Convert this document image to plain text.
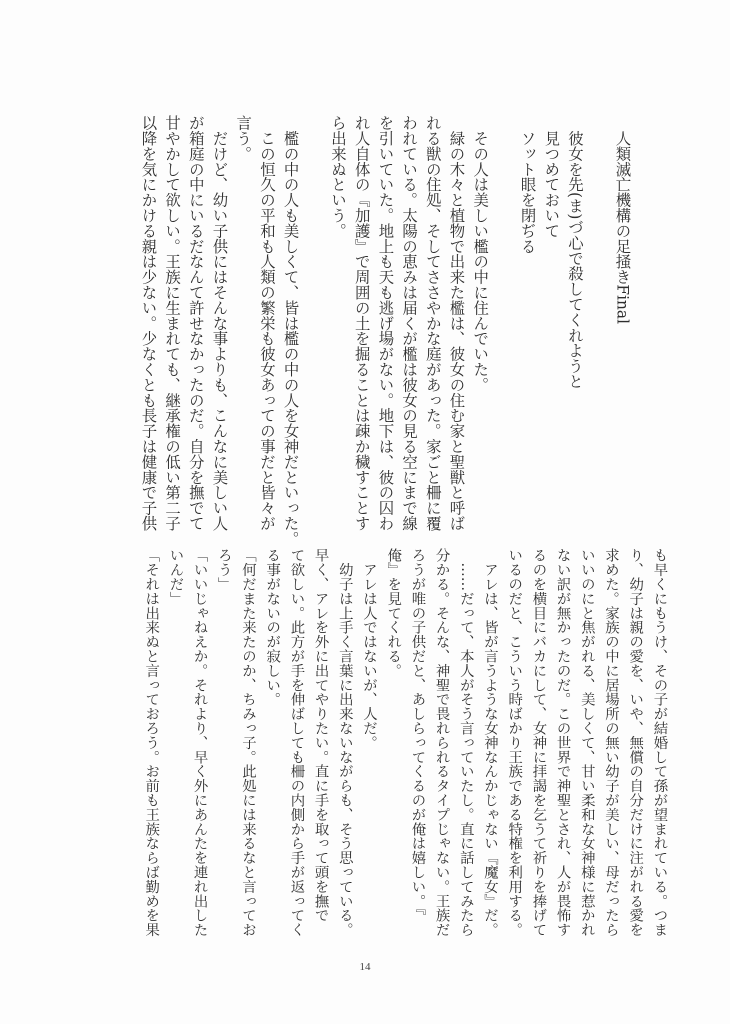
　人類滅亡機構の足掻きFinal
　彼女を先(ま)づ心で殺してくれようと
　見つめておいて
　ソット眼を閉ぢる
　その人は美しい檻の中に住んでいた。
　緑の木々と植物で出来た檻は、彼女の住む家と聖獣と呼ば
れる獣の住処、そしてささやかな庭があった。家ごと柵に覆
われている。太陽の恵みは届くが檻は彼女の見る空にまで線
を引いていた。地上も天も逃げ場がない。地下は、彼の囚わ
れ人自体の『加護』で周囲の土を掘ることは疎か穢すことす
ら出来ぬという。
　檻の中の人も美しくて、皆は檻の中の人を女神だといった。
　この恒久の平和も人類の繁栄も彼女あっての事だと皆々が
言う。
　だけど、幼い子供にはそんな事よりも、こんなに美しい人
が箱庭の中にいるだなんて許せなかったのだ。自分を撫でて
甘やかして欲しい。王族に生まれても、継承権の低い第二子
以降を気にかける親は少ない。少なくとも長子は健康で子供
も早くにもうけ、その子が結婚して孫が望まれている。つま
り、幼子は親の愛を、いや、無償の自分だけに注がれる愛を
求めた。家族の中に居場所の無い幼子が美しい、母だったら
いいのにと焦がれる、美しくて、甘い柔和な女神様に惹かれ
ない訳が無かったのだ。この世界で神聖とされ、人が畏怖す
るのを横目にバカにして、女神に拝謁を乞うて祈りを捧げて
いるのだと、こういう時ばかり王族である特権を利用する。
　アレは、皆が言うような女神なんかじゃない『魔女』だ。
　……だって、本人がそう言っていたし。直に話してみたら
分かる。そんな、神聖で畏れられるタイプじゃない。王族だ
ろうが唯の子供だと、あしらってくるのが俺は嬉しい。『
俺』を見てくれる。
　アレは人ではないが、人だ。
　幼子は上手く言葉に出来ないながらも、そう思っている。
早く、アレを外に出てやりたい。直に手を取って頭を撫で
て欲しい。此方が手を伸ばしても柵の内側から手が返ってく
る事がないのが寂しい。
「何だまた来たのか、ちみっ子。此処には来るなと言ってお
ろう」
「いいじゃねえか。それより、早く外にあんたを連れ出した
いんだ」
「それは出来ぬと言っておろう。お前も王族ならば勤めを果
14
